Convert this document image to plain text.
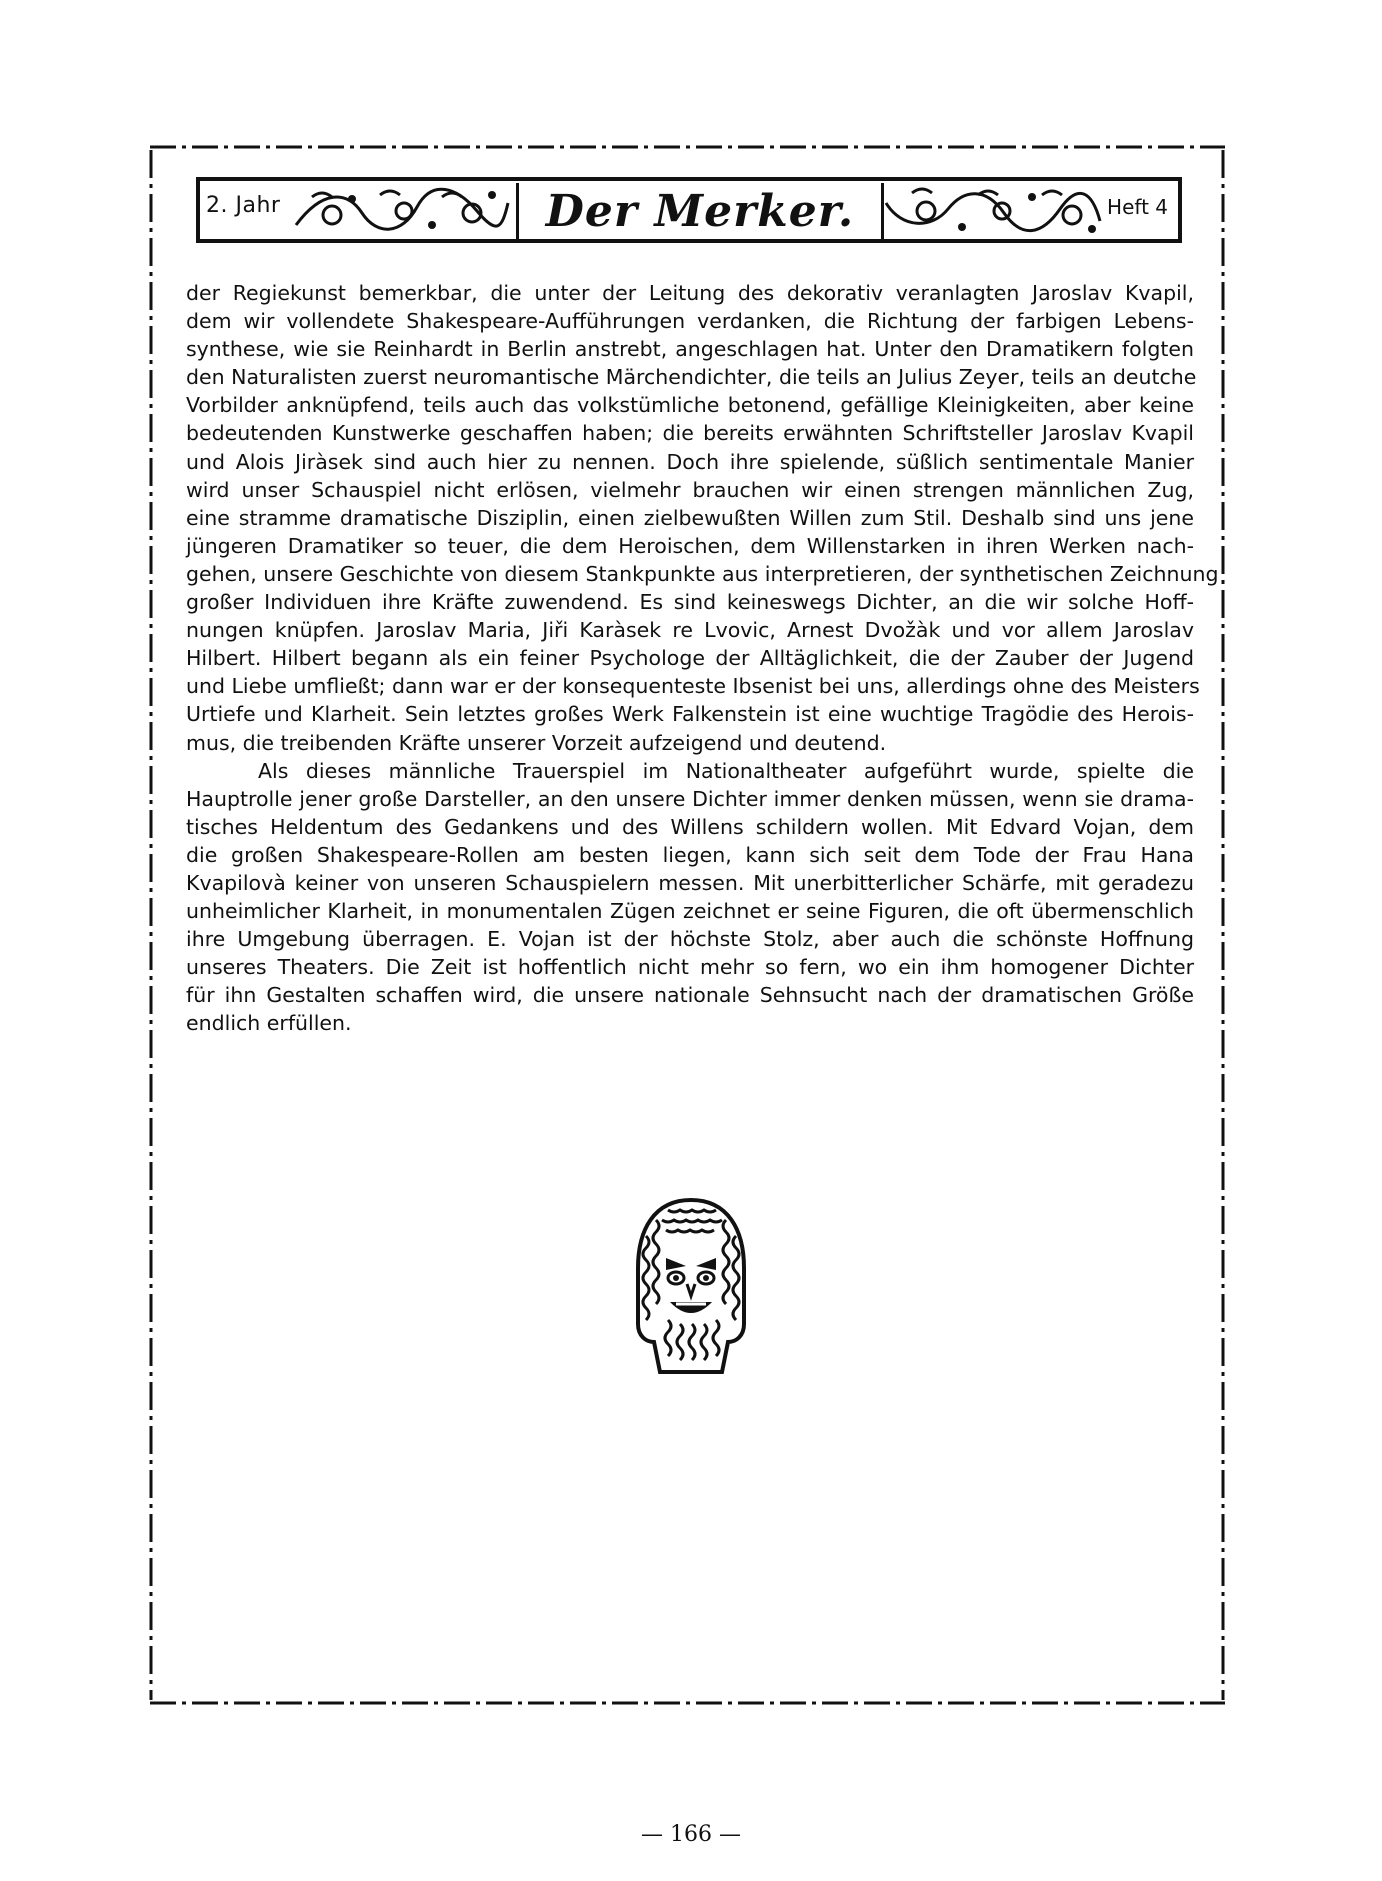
2. Jahr	Der Merker.	Heft 4
der Regiekunst bemerkbar, die unter der Leitung des dekorativ veranlagten Jaroslav Kvapil,
dem wir vollendete Shakespeare-Aufführungen verdanken, die Richtung der farbigen Lebens-
synthese, wie sie Reinhardt in Berlin anstrebt, angeschlagen hat. Unter den Dramatikern folgten
den Naturalisten zuerst neuromantische Märchendichter, die teils an Julius Zeyer, teils an deutche
Vorbilder anknüpfend, teils auch das volkstümliche betonend, gefällige Kleinigkeiten, aber keine
bedeutenden Kunstwerke geschaffen haben; die bereits erwähnten Schriftsteller Jaroslav Kvapil
und Alois Jiràsek sind auch hier zu nennen. Doch ihre spielende, süßlich sentimentale Manier
wird unser Schauspiel nicht erlösen, vielmehr brauchen wir einen strengen männlichen Zug,
eine stramme dramatische Disziplin, einen zielbewußten Willen zum Stil. Deshalb sind uns jene
jüngeren Dramatiker so teuer, die dem Heroischen, dem Willenstarken in ihren Werken nach-
gehen, unsere Geschichte von diesem Stankpunkte aus interpretieren, der synthetischen Zeichnung
großer Individuen ihre Kräfte zuwendend. Es sind keineswegs Dichter, an die wir solche Hoff-
nungen knüpfen. Jaroslav Maria, Jiři Karàsek re Lvovic, Arnest Dvožàk und vor allem Jaroslav
Hilbert. Hilbert begann als ein feiner Psychologe der Alltäglichkeit, die der Zauber der Jugend
und Liebe umfließt; dann war er der konsequenteste Ibsenist bei uns, allerdings ohne des Meisters
Urtiefe und Klarheit. Sein letztes großes Werk Falkenstein ist eine wuchtige Tragödie des Herois-
mus, die treibenden Kräfte unserer Vorzeit aufzeigend und deutend.
Als dieses männliche Trauerspiel im Nationaltheater aufgeführt wurde, spielte die
Hauptrolle jener große Darsteller, an den unsere Dichter immer denken müssen, wenn sie drama-
tisches Heldentum des Gedankens und des Willens schildern wollen. Mit Edvard Vojan, dem
die großen Shakespeare-Rollen am besten liegen, kann sich seit dem Tode der Frau Hana
Kvapilovà keiner von unseren Schauspielern messen. Mit unerbitterlicher Schärfe, mit geradezu
unheimlicher Klarheit, in monumentalen Zügen zeichnet er seine Figuren, die oft übermenschlich
ihre Umgebung überragen. E. Vojan ist der höchste Stolz, aber auch die schönste Hoffnung
unseres Theaters. Die Zeit ist hoffentlich nicht mehr so fern, wo ein ihm homogener Dichter
für ihn Gestalten schaffen wird, die unsere nationale Sehnsucht nach der dramatischen Größe
endlich erfüllen.
— 166 —
